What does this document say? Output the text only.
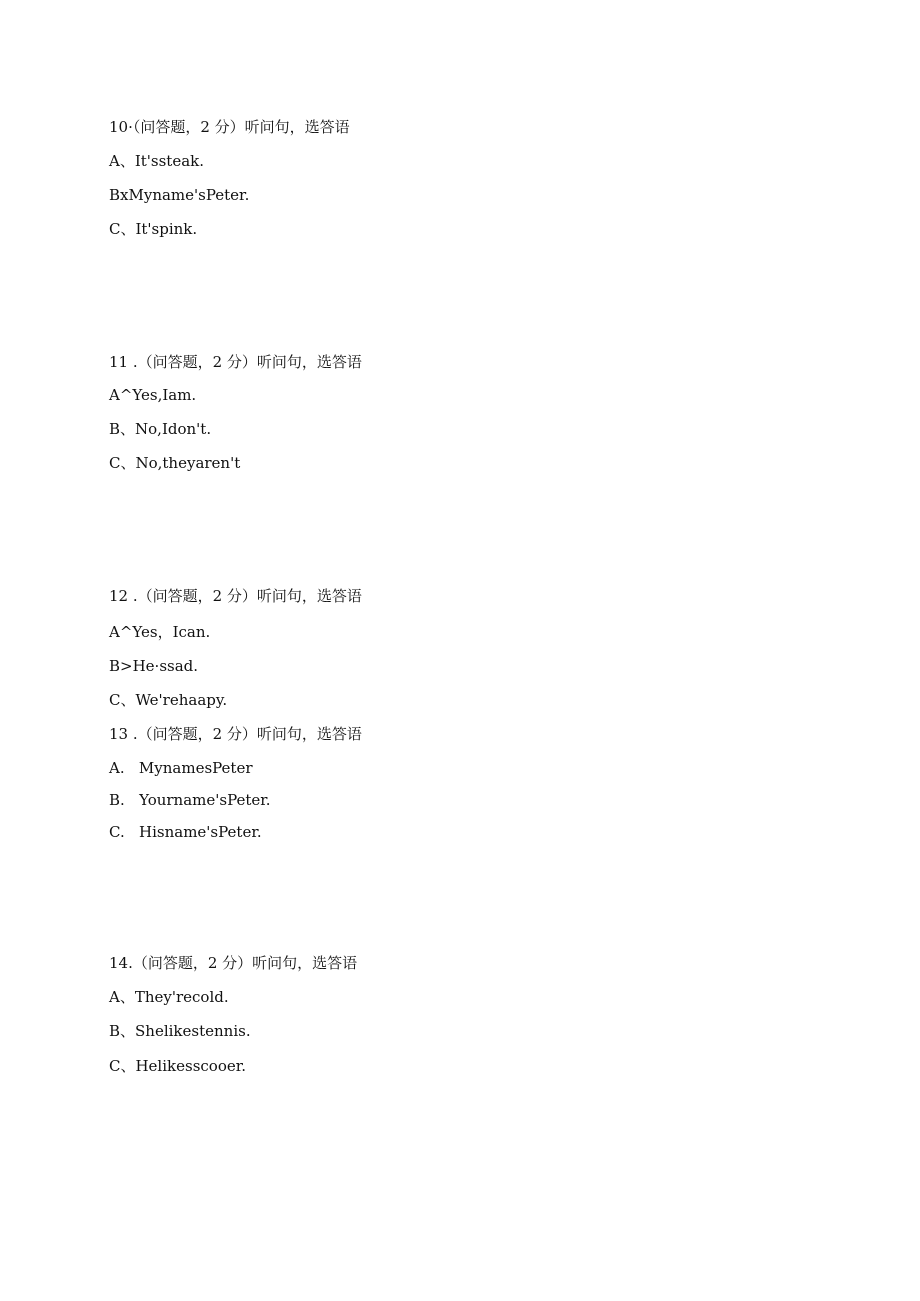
10·（问答题，2 分）听问句，选答语
A、It'ssteak.
BxMyname'sPeter.
C、It'spink.
11 .（问答题，2 分）听问句，选答语
A^Yes,Iam.
B、No,Idon't.
C、No,theyaren't
12 .（问答题，2 分）听问句，选答语
A^Yes，Ican.
B>He·ssad.
C、We'rehaapy.
13 .（问答题，2 分）听问句，选答语
A.   MynamesPeter
B.   Yourname'sPeter.
C.   Hisname'sPeter.
14.（问答题，2 分）听问句，选答语
A、They'recold.
B、Shelikestennis.
C、Helikesscooer.
